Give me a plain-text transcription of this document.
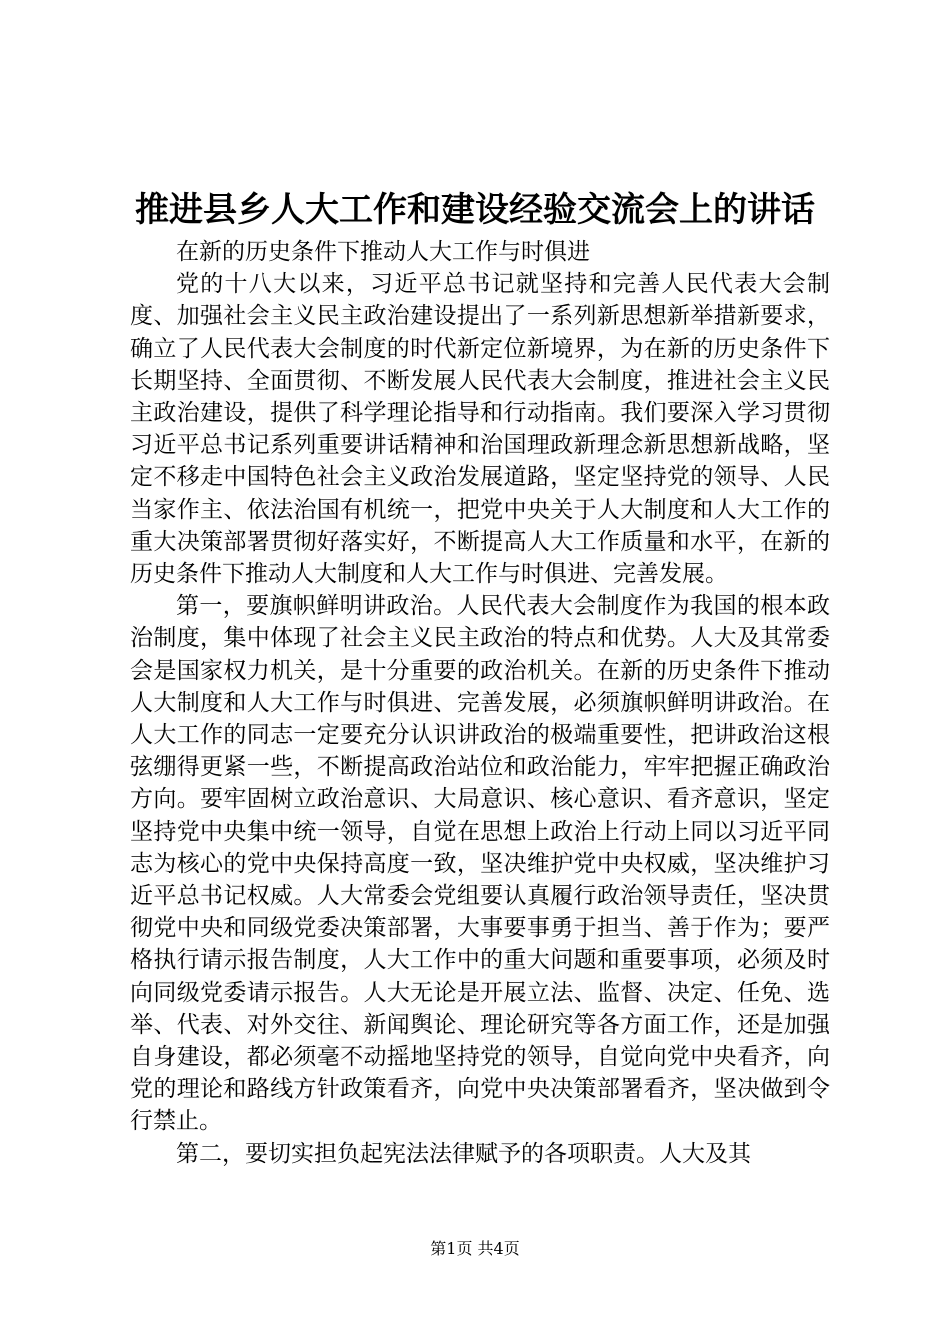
推进县乡人大工作和建设经验交流会上的讲话

在新的历史条件下推动人大工作与时俱进

党的十八大以来，习近平总书记就坚持和完善人民代表大会制度、加强社会主义民主政治建设提出了一系列新思想新举措新要求，确立了人民代表大会制度的时代新定位新境界，为在新的历史条件下长期坚持、全面贯彻、不断发展人民代表大会制度，推进社会主义民主政治建设，提供了科学理论指导和行动指南。我们要深入学习贯彻习近平总书记系列重要讲话精神和治国理政新理念新思想新战略，坚定不移走中国特色社会主义政治发展道路，坚定坚持党的领导、人民当家作主、依法治国有机统一，把党中央关于人大制度和人大工作的重大决策部署贯彻好落实好，不断提高人大工作质量和水平，在新的历史条件下推动人大制度和人大工作与时俱进、完善发展。

第一，要旗帜鲜明讲政治。人民代表大会制度作为我国的根本政治制度，集中体现了社会主义民主政治的特点和优势。人大及其常委会是国家权力机关，是十分重要的政治机关。在新的历史条件下推动人大制度和人大工作与时俱进、完善发展，必须旗帜鲜明讲政治。在人大工作的同志一定要充分认识讲政治的极端重要性，把讲政治这根弦绷得更紧一些，不断提高政治站位和政治能力，牢牢把握正确政治方向。要牢固树立政治意识、大局意识、核心意识、看齐意识，坚定坚持党中央集中统一领导，自觉在思想上政治上行动上同以习近平同志为核心的党中央保持高度一致，坚决维护党中央权威，坚决维护习近平总书记权威。人大常委会党组要认真履行政治领导责任，坚决贯彻党中央和同级党委决策部署，大事要事勇于担当、善于作为；要严格执行请示报告制度，人大工作中的重大问题和重要事项，必须及时向同级党委请示报告。人大无论是开展立法、监督、决定、任免、选举、代表、对外交往、新闻舆论、理论研究等各方面工作，还是加强自身建设，都必须毫不动摇地坚持党的领导，自觉向党中央看齐，向党的理论和路线方针政策看齐，向党中央决策部署看齐，坚决做到令行禁止。

第二，要切实担负起宪法法律赋予的各项职责。人大及其

第1页 共4页
